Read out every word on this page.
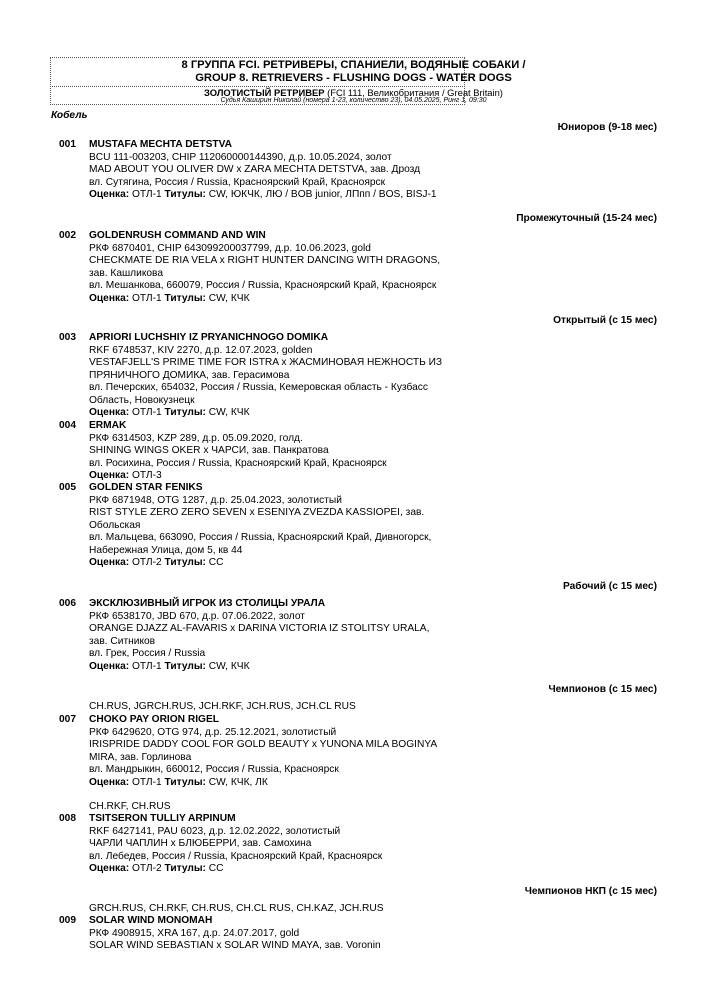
8 ГРУППА FCI. РЕТРИВЕРЫ, СПАНИЕЛИ, ВОДЯНЫЕ СОБАКИ /
GROUP 8. RETRIEVERS - FLUSHING DOGS - WATER DOGS
ЗОЛОТИСТЫЙ РЕТРИВЕР (FCI 111, Великобритания / Great Britain)
Судья Каширин Николай (номера 1-23, количество 23), 04.05.2025, Ринг 1, 09:30
Кобель
Юниоров (9-18 мес)
Промежуточный (15-24 мес)
Открытый (с 15 мес)
Рабочий (с 15 мес)
Чемпионов (с 15 мес)
Чемпионов НКП (с 15 мес)
001 MUSTAFA MECHTA DETSTVA
BCU 111-003203, CHIP 112060000144390, д.р. 10.05.2024, золот
MAD ABOUT YOU OLIVER DW x ZARA MECHTA DETSTVA, зав. Дрозд
вл. Сутягина, Россия / Russia, Красноярский Край, Красноярск
Оценка: ОТЛ-1 Титулы: CW, ЮКЧК, ЛЮ / BOB junior, ЛПпп / BOS, BISJ-1
002 GOLDENRUSH COMMAND AND WIN
РКФ 6870401, CHIP 643099200037799, д.р. 10.06.2023, gold
CHECKMATE DE RIA VELA x RIGHT HUNTER DANCING WITH DRAGONS,
зав. Кашликова
вл. Мешанкова, 660079, Россия / Russia, Красноярский Край, Красноярск
Оценка: ОТЛ-1 Титулы: CW, КЧК
003 APRIORI LUCHSHIY IZ PRYANICHNOGO DOMIKA
RKF 6748537, KIV 2270, д.р. 12.07.2023, golden
VESTAFJELL'S PRIME TIME FOR ISTRA x ЖАСМИНОВАЯ НЕЖНОСТЬ ИЗ
ПРЯНИЧНОГО ДОМИКА, зав. Герасимова
вл. Печерских, 654032, Россия / Russia, Кемеровская область - Кузбасс
Область, Новокузнецк
Оценка: ОТЛ-1 Титулы: CW, КЧК
004 ERMAK
РКФ 6314503, KZP 289, д.р. 05.09.2020, голд.
SHINING WINGS OKER x ЧАРСИ, зав. Панкратова
вл. Росихина, Россия / Russia, Красноярский Край, Красноярск
Оценка: ОТЛ-3
005 GOLDEN STAR FENIKS
РКФ 6871948, OTG 1287, д.р. 25.04.2023, золотистый
RIST STYLE ZERO ZERO SEVEN x ESENIYA ZVEZDA KASSIOPEI, зав.
Обольская
вл. Мальцева, 663090, Россия / Russia, Красноярский Край, Дивногорск,
Набережная Улица, дом 5, кв 44
Оценка: ОТЛ-2 Титулы: CC
006 ЭКСКЛЮЗИВНЫЙ ИГРОК ИЗ СТОЛИЦЫ УРАЛА
РКФ 6538170, JBD 670, д.р. 07.06.2022, золот
ORANGE DJAZZ AL-FAVARIS x DARINA VICTORIA IZ STOLITSY URALA,
зав. Ситников
вл. Грек, Россия / Russia
Оценка: ОТЛ-1 Титулы: CW, КЧК
CH.RUS, JGRCH.RUS, JCH.RKF, JCH.RUS, JCH.CL RUS
007 CHOKO PAY ORION RIGEL
РКФ 6429620, OTG 974, д.р. 25.12.2021, золотистый
IRISPRIDE DADDY COOL FOR GOLD BEAUTY x YUNONA MILA BOGINYA
MIRA, зав. Горлинова
вл. Мандрыкин, 660012, Россия / Russia, Красноярск
Оценка: ОТЛ-1 Титулы: CW, КЧК, ЛК
CH.RKF, CH.RUS
008 TSITSERON TULLIY ARPINUM
RKF 6427141, PAU 6023, д.р. 12.02.2022, золотистый
ЧАРЛИ ЧАПЛИН x БЛЮБЕРРИ, зав. Самохина
вл. Лебедев, Россия / Russia, Красноярский Край, Красноярск
Оценка: ОТЛ-2 Титулы: CC
GRCH.RUS, CH.RKF, CH.RUS, CH.CL RUS, CH.KAZ, JCH.RUS
009 SOLAR WIND MONOMAH
РКФ 4908915, XRA 167, д.р. 24.07.2017, gold
SOLAR WIND SEBASTIAN x SOLAR WIND MAYA, зав. Voronin
